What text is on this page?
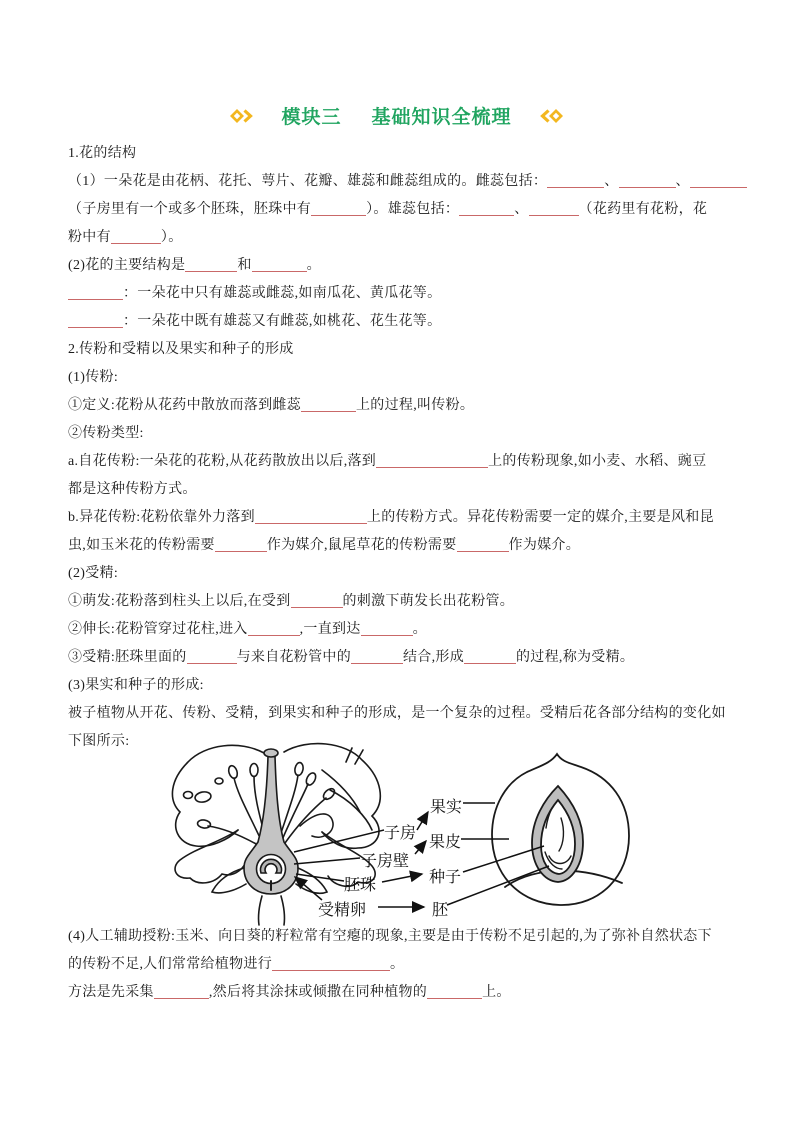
模块三 基础知识全梳理
1.花的结构
（1）一朵花是由花柄、花托、萼片、花瓣、雄蕊和雌蕊组成的。雌蕊包括：	、	、
（子房里有一个或多个胚珠，胚珠中有	）。雄蕊包括：	、	（花药里有花粉，花
粉中有	）。
(2)花的主要结构是	和	。
：一朵花中只有雄蕊或雌蕊,如南瓜花、黄瓜花等。
：一朵花中既有雄蕊又有雌蕊,如桃花、花生花等。
2.传粉和受精以及果实和种子的形成
(1)传粉:
①定义:花粉从花药中散放而落到雌蕊	上的过程,叫传粉。
②传粉类型:
a.自花传粉:一朵花的花粉,从花药散放出以后,落到	上的传粉现象,如小麦、水稻、豌豆
都是这种传粉方式。
b.异花传粉:花粉依靠外力落到	上的传粉方式。异花传粉需要一定的媒介,主要是风和昆
虫,如玉米花的传粉需要	作为媒介,鼠尾草花的传粉需要	作为媒介。
(2)受精:
①萌发:花粉落到柱头上以后,在受到	的刺激下萌发长出花粉管。
②伸长:花粉管穿过花柱,进入	,一直到达	。
③受精:胚珠里面的	与来自花粉管中的	结合,形成	的过程,称为受精。
(3)果实和种子的形成:
被子植物从开花、传粉、受精，到果实和种子的形成，是一个复杂的过程。受精后花各部分结构的变化如
下图所示:
子房
子房壁
胚珠
受精卵
果实
果皮
种子
胚
(4)人工辅助授粉:玉米、向日葵的籽粒常有空瘪的现象,主要是由于传粉不足引起的,为了弥补自然状态下
的传粉不足,人们常常给植物进行	。
方法是先采集	,然后将其涂抹或倾撒在同种植物的	上。
